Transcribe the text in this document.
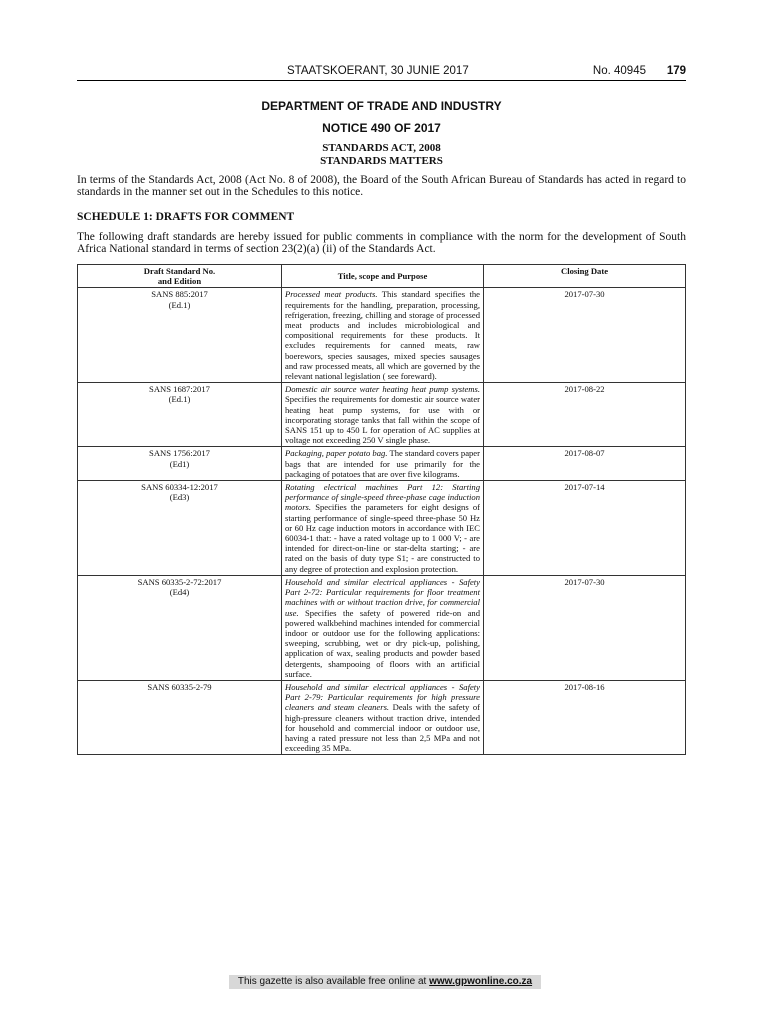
STAATSKOERANT, 30 JUNIE 2017	No. 40945 179
DEPARTMENT OF TRADE AND INDUSTRY
NOTICE 490 OF 2017
STANDARDS ACT, 2008
STANDARDS MATTERS
In terms of the Standards Act, 2008 (Act No. 8 of 2008), the Board of the South African Bureau of Standards has acted in regard to standards in the manner set out in the Schedules to this notice.
SCHEDULE 1: DRAFTS FOR COMMENT
The following draft standards are hereby issued for public comments in compliance with the norm for the development of South Africa National standard in terms of section 23(2)(a) (ii) of the Standards Act.
Draft Standard No.
and Edition	Title, scope and Purpose	Closing Date

SANS 885:2017
(Ed.1)	Processed meat products. This standard specifies the requirements for the handling, preparation, processing, refrigeration, freezing, chilling and storage of processed meat products and includes microbiological and compositional requirements for these products. It excludes requirements for canned meats, raw boerewors, species sausages, mixed species sausages and raw processed meats, all which are governed by the relevant national legislation ( see foreward).	2017-07-30

SANS 1687:2017
(Ed.1)	Domestic air source water heating heat pump systems. Specifies the requirements for domestic air source water heating heat pump systems, for use with or incorporating storage tanks that fall within the scope of SANS 151 up to 450 L for operation of AC supplies at voltage not exceeding 250 V single phase.	2017-08-22

SANS 1756:2017
(Ed1)	Packaging, paper potato bag. The standard covers paper bags that are intended for use primarily for the packaging of potatoes that are over five kilograms.	2017-08-07

SANS 60334-12:2017
(Ed3)	Rotating electrical machines Part 12: Starting performance of single-speed three-phase cage induction motors. Specifies the parameters for eight designs of starting performance of single-speed three-phase 50 Hz or 60 Hz cage induction motors in accordance with IEC 60034-1 that: - have a rated voltage up to 1 000 V; - are intended for direct-on-line or star-delta starting; - are rated on the basis of duty type S1; - are constructed to any degree of protection and explosion protection.	2017-07-14

SANS 60335-2-72:2017
(Ed4)	Household and similar electrical appliances - Safety Part 2-72: Particular requirements for floor treatment machines with or without traction drive, for commercial use. Specifies the safety of powered ride-on and powered walkbehind machines intended for commercial indoor or outdoor use for the following applications: sweeping, scrubbing, wet or dry pick-up, polishing, application of wax, sealing products and powder based detergents, shampooing of floors with an artificial surface.	2017-07-30

SANS 60335-2-79	Household and similar electrical appliances - Safety Part 2-79: Particular requirements for high pressure cleaners and steam cleaners. Deals with the safety of high-pressure cleaners without traction drive, intended for household and commercial indoor or outdoor use, having a rated pressure not less than 2,5 MPa and not exceeding 35 MPa.	2017-08-16
This gazette is also available free online at www.gpwonline.co.za
